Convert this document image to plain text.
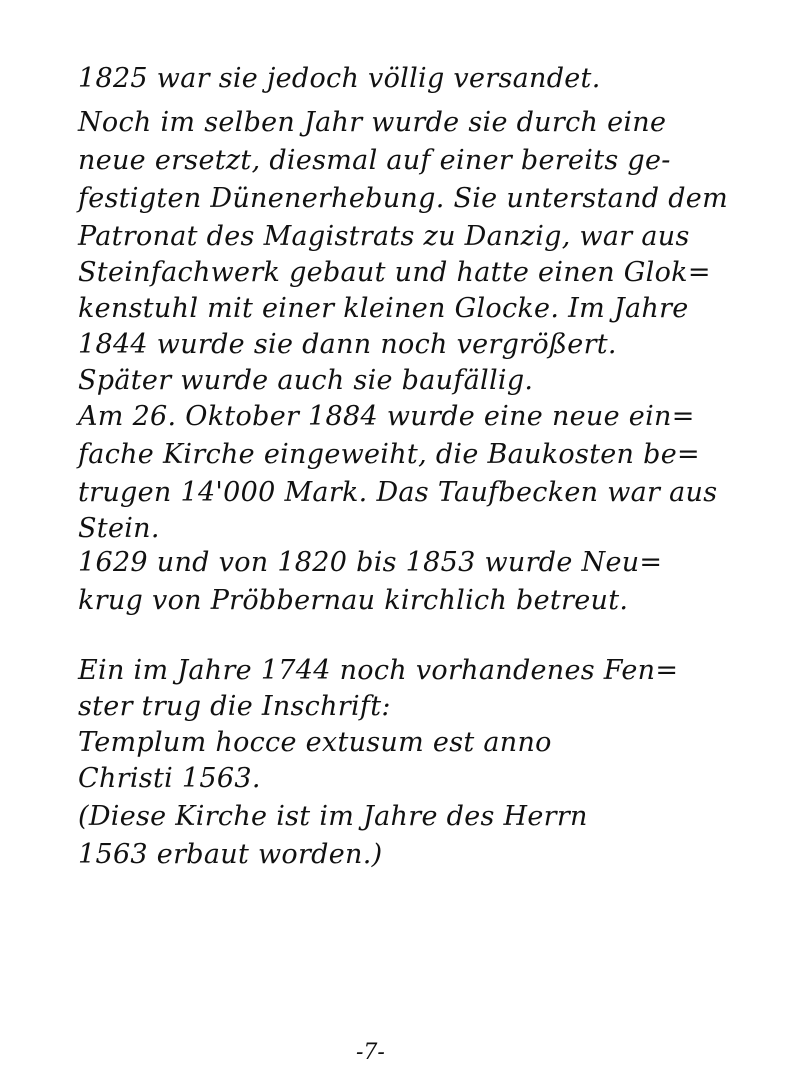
1825 war sie jedoch völlig versandet.
Noch im selben Jahr wurde sie durch eine
neue ersetzt, diesmal auf einer bereits ge-
festigten Dünenerhebung. Sie unterstand dem
Patronat des Magistrats zu Danzig, war aus
Steinfachwerk gebaut und hatte einen Glok=
kenstuhl mit einer kleinen Glocke. Im Jahre
1844 wurde sie dann noch vergrößert.
Später wurde auch sie baufällig.
Am 26. Oktober 1884 wurde eine neue ein=
fache Kirche eingeweiht, die Baukosten be=
trugen 14'000 Mark. Das Taufbecken war aus
Stein.
1629 und von 1820 bis 1853 wurde Neu=
krug von Pröbbernau kirchlich betreut.
Ein im Jahre 1744 noch vorhandenes Fen=
ster trug die Inschrift:
Templum hocce extusum est anno
Christi 1563.
(Diese Kirche ist im Jahre des Herrn
1563 erbaut worden.)
-7-
